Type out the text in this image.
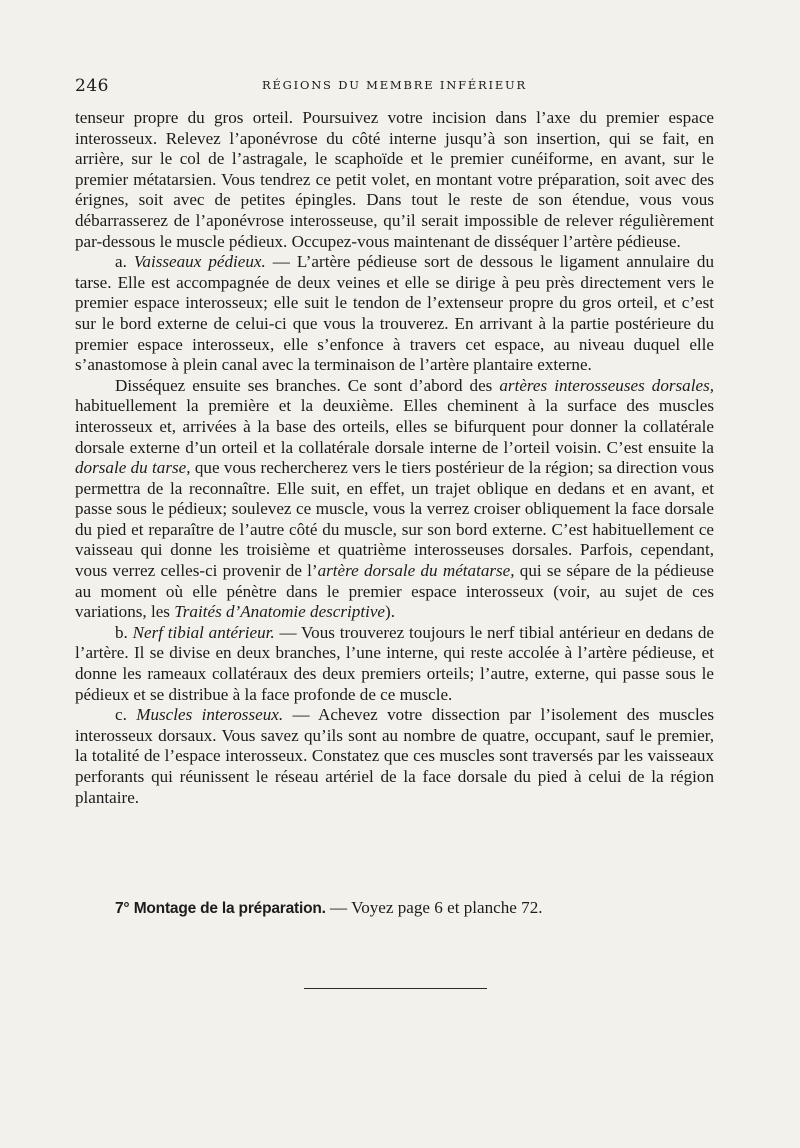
246	RÉGIONS DU MEMBRE INFÉRIEUR

tenseur propre du gros orteil. Poursuivez votre incision dans l’axe du premier espace interosseux. Relevez l’aponévrose du côté interne jusqu’à son insertion, qui se fait, en arrière, sur le col de l’astragale, le scaphoïde et le premier cunéiforme, en avant, sur le premier métatarsien. Vous tendrez ce petit volet, en montant votre préparation, soit avec des érignes, soit avec de petites épingles. Dans tout le reste de son étendue, vous vous débarrasserez de l’aponévrose interosseuse, qu’il serait impossible de relever régulièrement par-dessous le muscle pédieux. Occupez-vous maintenant de disséquer l’artère pédieuse.

a. Vaisseaux pédieux. — L’artère pédieuse sort de dessous le ligament annulaire du tarse. Elle est accompagnée de deux veines et elle se dirige à peu près directement vers le premier espace interosseux; elle suit le tendon de l’extenseur propre du gros orteil, et c’est sur le bord externe de celui-ci que vous la trouverez. En arrivant à la partie postérieure du premier espace interosseux, elle s’enfonce à travers cet espace, au niveau duquel elle s’anastomose à plein canal avec la terminaison de l’artère plantaire externe.

Disséquez ensuite ses branches. Ce sont d’abord des artères interosseuses dorsales, habituellement la première et la deuxième. Elles cheminent à la surface des muscles interosseux et, arrivées à la base des orteils, elles se bifurquent pour donner la collatérale dorsale externe d’un orteil et la collatérale dorsale interne de l’orteil voisin. C’est ensuite la dorsale du tarse, que vous rechercherez vers le tiers postérieur de la région; sa direction vous permettra de la reconnaître. Elle suit, en effet, un trajet oblique en dedans et en avant, et passe sous le pédieux; soulevez ce muscle, vous la verrez croiser obliquement la face dorsale du pied et reparaître de l’autre côté du muscle, sur son bord externe. C’est habituellement ce vaisseau qui donne les troisième et quatrième interosseuses dorsales. Parfois, cependant, vous verrez celles-ci provenir de l’artère dorsale du métatarse, qui se sépare de la pédieuse au moment où elle pénètre dans le premier espace interosseux (voir, au sujet de ces variations, les Traités d’Anatomie descriptive).

b. Nerf tibial antérieur. — Vous trouverez toujours le nerf tibial antérieur en dedans de l’artère. Il se divise en deux branches, l’une interne, qui reste accolée à l’artère pédieuse, et donne les rameaux collatéraux des deux premiers orteils; l’autre, externe, qui passe sous le pédieux et se distribue à la face profonde de ce muscle.

c. Muscles interosseux. — Achevez votre dissection par l’isolement des muscles interosseux dorsaux. Vous savez qu’ils sont au nombre de quatre, occupant, sauf le premier, la totalité de l’espace interosseux. Constatez que ces muscles sont traversés par les vaisseaux perforants qui réunissent le réseau artériel de la face dorsale du pied à celui de la région plantaire.

7° Montage de la préparation. — Voyez page 6 et planche 72.
